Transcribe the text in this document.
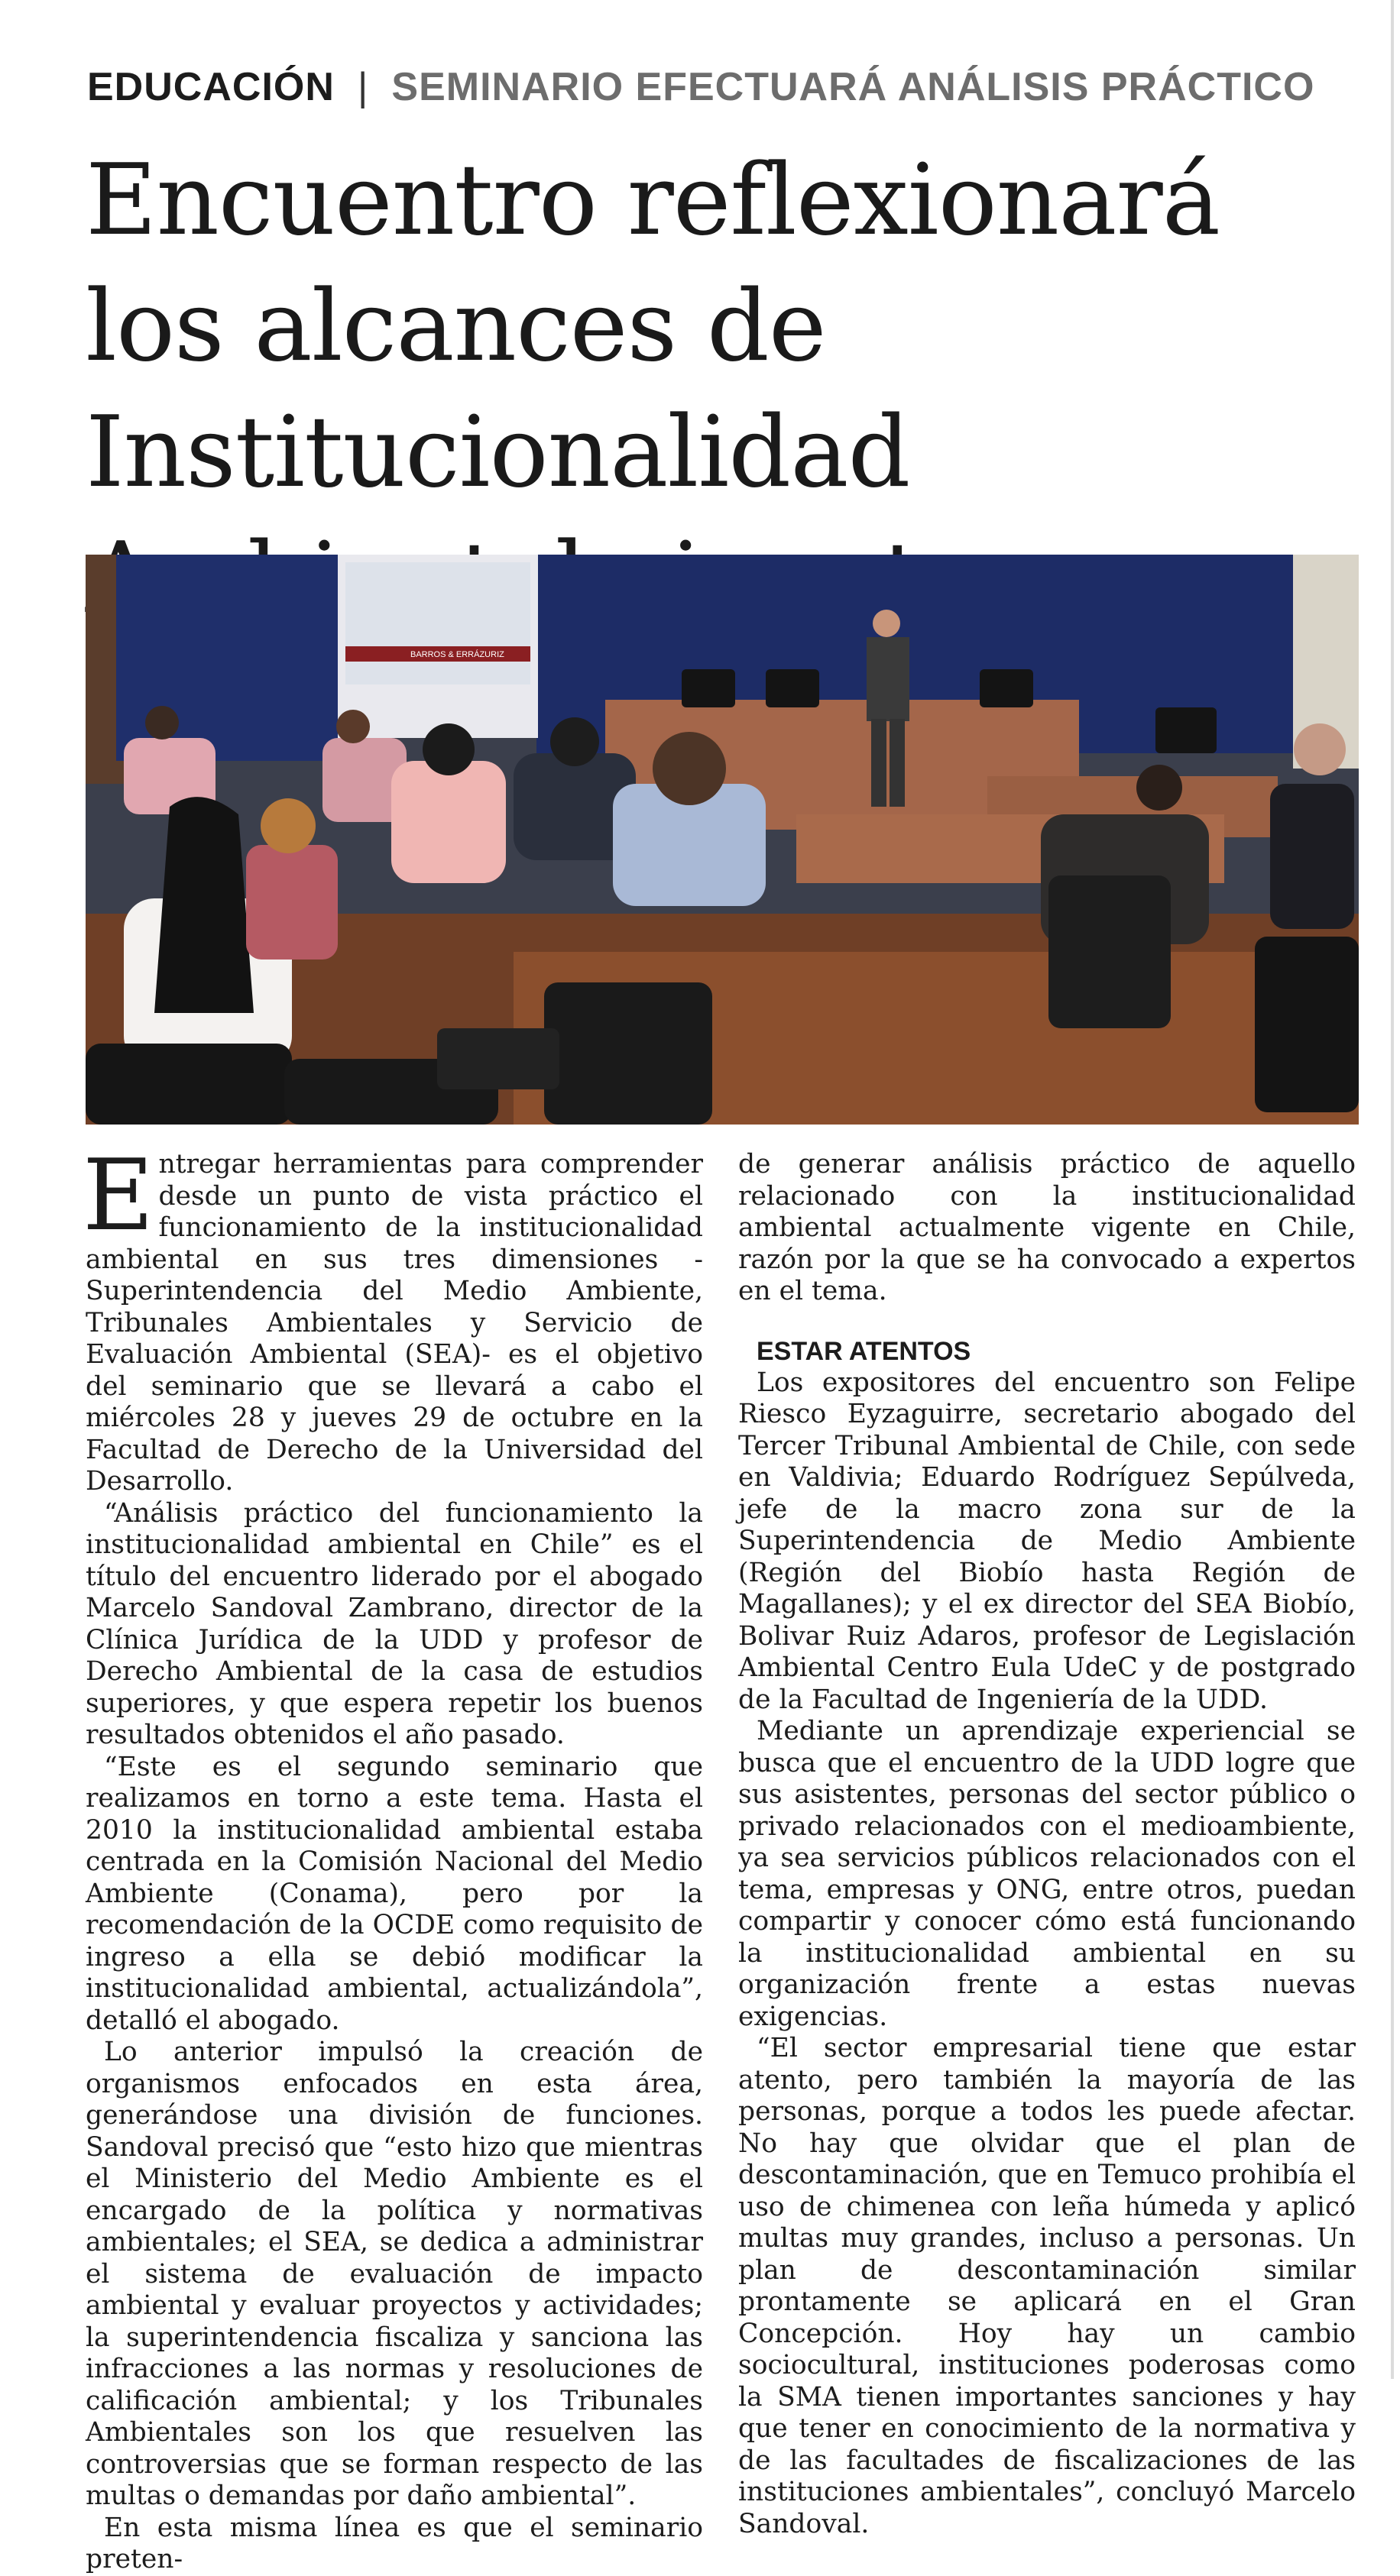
EDUCACIÓN | SEMINARIO EFECTUARÁ ANÁLISIS PRÁCTICO
Encuentro reflexionará los alcances de Institucionalidad
BARROS & ERRÁZURIZ

Entregar herramientas para comprender desde un punto de vista práctico el funcionamiento de la institucionalidad ambiental en sus tres dimensiones -Superintendencia del Medio Ambiente, Tribunales Ambientales y Servicio de Evaluación Ambiental (SEA)- es el objetivo del seminario que se llevará a cabo el miércoles 28 y jueves 29 de octubre en la Facultad de Derecho de la Universidad del Desarrollo.

“Análisis práctico del funcionamiento la institucionalidad ambiental en Chile” es el título del encuentro liderado por el abogado Marcelo Sandoval Zambrano, director de la Clínica Jurídica de la UDD y profesor de Derecho Ambiental de la casa de estudios superiores, y que espera repetir los buenos resultados obtenidos el año pasado.

“Este es el segundo seminario que realizamos en torno a este tema. Hasta el 2010 la institucionalidad ambiental estaba centrada en la Comisión Nacional del Medio Ambiente (Conama), pero por la recomendación de la OCDE como requisito de ingreso a ella se debió modificar la institucionalidad ambiental, actualizándola”, detalló el abogado.

Lo anterior impulsó la creación de organismos enfocados en esta área, generándose una división de funciones. Sandoval precisó que “esto hizo que mientras el Ministerio del Medio Ambiente es el encargado de la política y normativas ambientales; el SEA, se dedica a administrar el sistema de evaluación de impacto ambiental y evaluar proyectos y actividades; la superintendencia fiscaliza y sanciona las infracciones a las normas y resoluciones de calificación ambiental; y los Tribunales Ambientales son los que resuelven las controversias que se forman respecto de las multas o demandas por daño ambiental”.

En esta misma línea es que el seminario preten-

de generar análisis práctico de aquello relacionado con la institucionalidad ambiental actualmente vigente en Chile, razón por la que se ha convocado a expertos en el tema.

ESTAR ATENTOS

Los expositores del encuentro son Felipe Riesco Eyzaguirre, secretario abogado del Tercer Tribunal Ambiental de Chile, con sede en Valdivia; Eduardo Rodríguez Sepúlveda, jefe de la macro zona sur de la Superintendencia de Medio Ambiente (Región del Biobío hasta Región de Magallanes); y el ex director del SEA Biobío, Bolivar Ruiz Adaros, profesor de Legislación Ambiental Centro Eula UdeC y de postgrado de la Facultad de Ingeniería de la UDD.

Mediante un aprendizaje experiencial se busca que el encuentro de la UDD logre que sus asistentes, personas del sector público o privado relacionados con el medioambiente, ya sea servicios públicos relacionados con el tema, empresas y ONG, entre otros, puedan compartir y conocer cómo está funcionando la institucionalidad ambiental en su organización frente a estas nuevas exigencias.

“El sector empresarial tiene que estar atento, pero también la mayoría de las personas, porque a todos les puede afectar. No hay que olvidar que el plan de descontaminación, que en Temuco prohibía el uso de chimenea con leña húmeda y aplicó multas muy grandes, incluso a personas. Un plan de descontaminación similar prontamente se aplicará en el Gran Concepción. Hoy hay un cambio sociocultural, instituciones poderosas como la SMA tienen importantes sanciones y hay que tener en conocimiento de la normativa y de las facultades de fiscalizaciones de las instituciones ambientales”, concluyó Marcelo Sandoval.
